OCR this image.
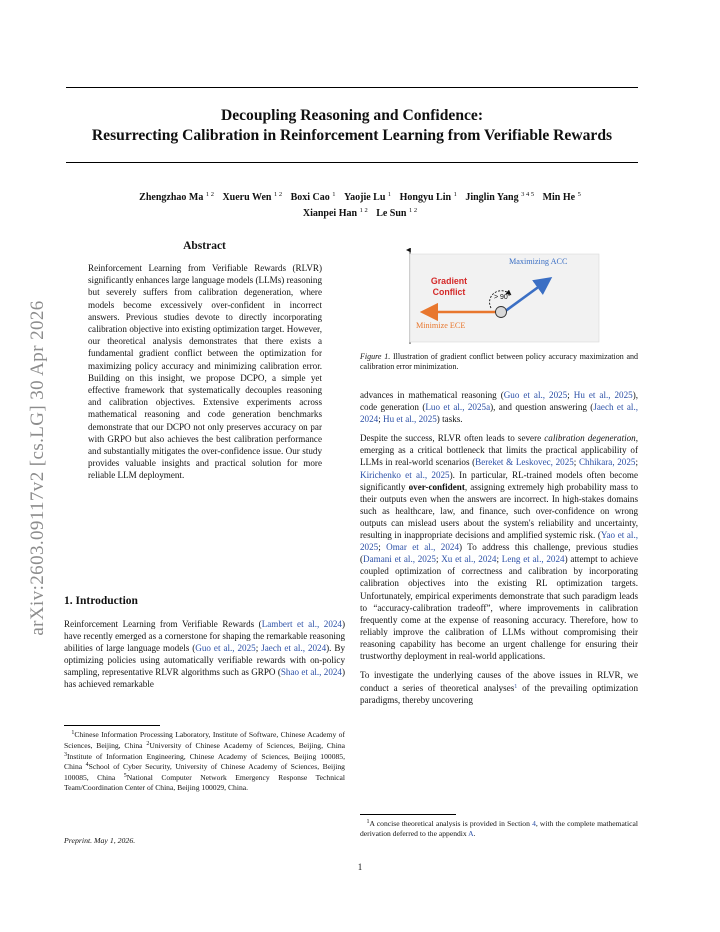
Decoupling Reasoning and Confidence:
Resurrecting Calibration in Reinforcement Learning from Verifiable Rewards
Zhengzhao Ma $^{1 2}$ Xueru Wen $^{1 2}$ Boxi Cao $^1$ Yaojie Lu $^1$ Hongyu Lin $^1$ Jinglin Yang $^{3 4 5}$ Min He $^5$
Xianpei Han $^{1 2}$ Le Sun $^{1 2}$
arXiv:2603.09117v2 [cs.LG] 30 Apr 2026
Abstract
Reinforcement Learning from Verifiable Rewards (RLVR) significantly enhances large language models (LLMs) reasoning but severely suffers from calibration degeneration, where models become excessively over-confident in incorrect answers. Previous studies devote to directly incorporating calibration objective into existing optimization target. However, our theoretical analysis demonstrates that there exists a fundamental gradient conflict between the optimization for maximizing policy accuracy and minimizing calibration error. Building on this insight, we propose DCPO, a simple yet effective framework that systematically decouples reasoning and calibration objectives. Extensive experiments across mathematical reasoning and code generation benchmarks demonstrate that our DCPO not only preserves accuracy on par with GRPO but also achieves the best calibration performance and substantially mitigates the over-confidence issue. Our study provides valuable insights and practical solution for more reliable LLM deployment.
1. Introduction
Reinforcement Learning from Verifiable Rewards (Lambert et al., 2024) have recently emerged as a cornerstone for shaping the remarkable reasoning abilities of large language models (Guo et al., 2025; Jaech et al., 2024). By optimizing policies using automatically verifiable rewards with on-policy sampling, representative RLVR algorithms such as GRPO (Shao et al., 2024) has achieved remarkable
$^1$Chinese Information Processing Laboratory, Institute of Software, Chinese Academy of Sciences, Beijing, China $^2$University of Chinese Academy of Sciences, Beijing, China $^3$Institute of Information Engineering, Chinese Academy of Sciences, Beijing 100085, China $^4$School of Cyber Security, University of Chinese Academy of Sciences, Beijing 100085, China $^5$National Computer Network Emergency Response Technical Team/Coordination Center of China, Beijing 100029, China.
Preprint. May 1, 2026.
Maximizing ACC
Gradient
Conflict
> 90°
Minimize ECE
Figure 1. Illustration of gradient conflict between policy accuracy maximization and calibration error minimization.

advances in mathematical reasoning (Guo et al., 2025; Hu et al., 2025), code generation (Luo et al., 2025a), and question answering (Jaech et al., 2024; Hu et al., 2025) tasks.

Despite the success, RLVR often leads to severe calibration degeneration, emerging as a critical bottleneck that limits the practical applicability of LLMs in real-world scenarios (Bereket & Leskovec, 2025; Chhikara, 2025; Kirichenko et al., 2025). In particular, RL-trained models often become significantly over-confident, assigning extremely high probability mass to their outputs even when the answers are incorrect. In high-stakes domains such as healthcare, law, and finance, such over-confidence on wrong outputs can mislead users about the system's reliability and uncertainty, resulting in inappropriate decisions and amplified systemic risk. (Yao et al., 2025; Omar et al., 2024) To address this challenge, previous studies (Damani et al., 2025; Xu et al., 2024; Leng et al., 2024) attempt to achieve coupled optimization of correctness and calibration by incorporating calibration objectives into the existing RL optimization targets. Unfortunately, empirical experiments demonstrate that such paradigm leads to “accuracy-calibration tradeoff”, where improvements in calibration frequently come at the expense of reasoning accuracy. Therefore, how to reliably improve the calibration of LLMs without compromising their reasoning capability has become an urgent challenge for ensuring their trustworthy deployment in real-world applications.

To investigate the underlying causes of the above issues in RLVR, we conduct a series of theoretical analyses$^1$ of the prevailing optimization paradigms, thereby uncovering

$^1$A concise theoretical analysis is provided in Section 4, with the complete mathematical derivation deferred to the appendix A.
1
